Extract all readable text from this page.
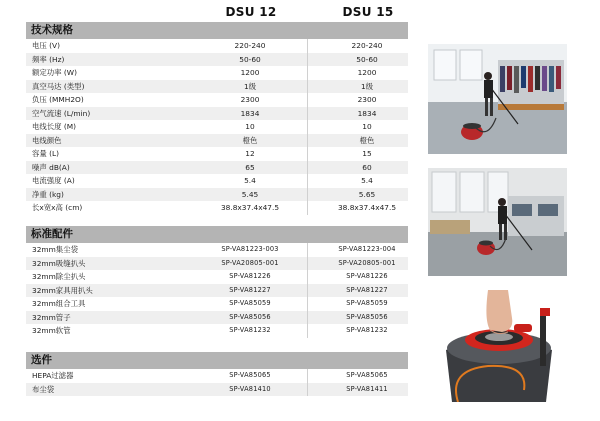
DSU 12	DSU 15
技术规格
电压 (V)	220-240	220-240
频率 (Hz)	50-60	50-60
额定功率 (W)	1200	1200
真空马达 (类型)	1级	1级
负压 (MMH2O)	2300	2300
空气流速 (L/min)	1834	1834
电线长度 (M)	10	10
电线颜色	橙色	橙色
容量 (L)	12	15
噪声 dB(A)	65	60
电流强度 (A)	5.4	5.4
净重 (kg)	5.45	5.65
长x宽x高 (cm)	38.8x37.4x47.5	38.8x37.4x47.5
标准配件
32mm集尘袋	SP-VA81223-003	SP-VA81223-004
32mm吸缝扒头	SP-VA20805-001	SP-VA20805-001
32mm除尘扒头	SP-VA81226	SP-VA81226
32mm家具用扒头	SP-VA81227	SP-VA81227
32mm组合工具	SP-VA85059	SP-VA85059
32mm管子	SP-VA85056	SP-VA85056
32mm软管	SP-VA81232	SP-VA81232
选件
HEPA过滤器	SP-VA85065	SP-VA85065
布尘袋	SP-VA81410	SP-VA81411
